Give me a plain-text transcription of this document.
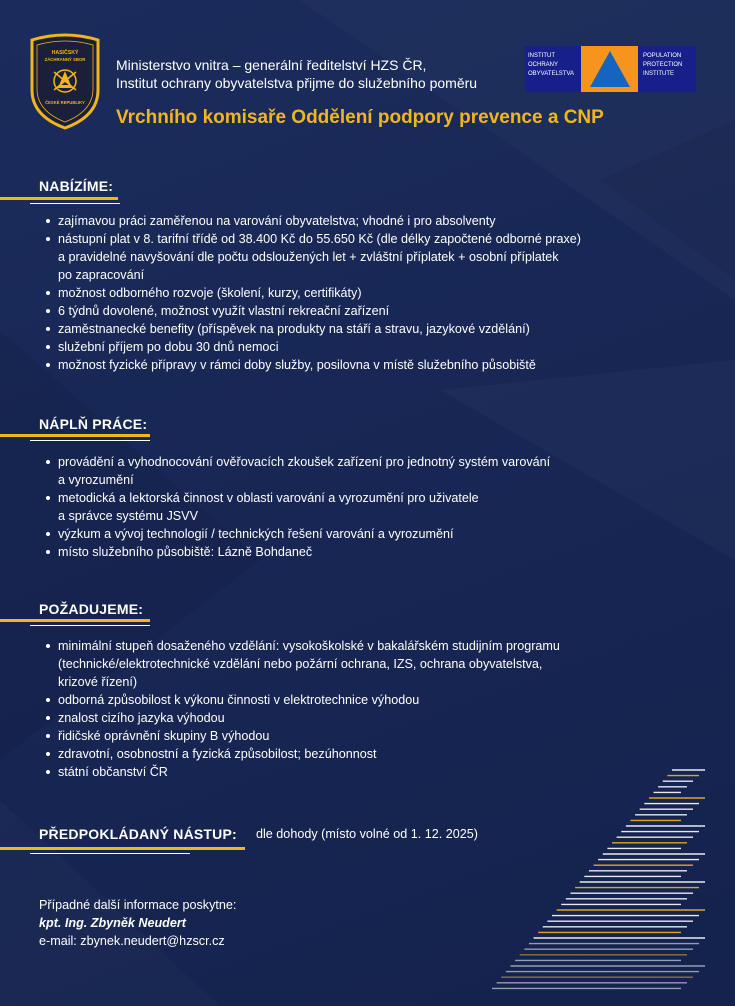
HASIČSKÝ
ZÁCHRANNÝ SBOR
ČESKÉ REPUBLIKY
Ministerstvo vnitra – generální ředitelství HZS ČR,
Institut ochrany obyvatelstva přijme do služebního poměru
INSTITUT
OCHRANY
OBYVATELSTVA
POPULATION
PROTECTION
INSTITUTE
Vrchního komisaře Oddělení podpory prevence a CNP
NABÍZÍME:
zajímavou práci zaměřenou na varování obyvatelstva; vhodné i pro absolventy
nástupní plat v 8. tarifní třídě od 38.400 Kč do 55.650 Kč (dle délky započtené odborné praxe)
a pravidelné navyšování dle počtu odsloužených let + zvláštní příplatek + osobní příplatek
po zapracování
možnost odborného rozvoje (školení, kurzy, certifikáty)
6 týdnů dovolené, možnost využít vlastní rekreační zařízení
zaměstnanecké benefity (příspěvek na produkty na stáří a stravu, jazykové vzdělání)
služební příjem po dobu 30 dnů nemoci
možnost fyzické přípravy v rámci doby služby, posilovna v místě služebního působiště
NÁPLŇ PRÁCE:
provádění a vyhodnocování ověřovacích zkoušek zařízení pro jednotný systém varování
a vyrozumění
metodická a lektorská činnost v oblasti varování a vyrozumění pro uživatele
a správce systému JSVV
výzkum a vývoj technologií / technických řešení varování a vyrozumění
místo služebního působiště: Lázně Bohdaneč
POŽADUJEME:
minimální stupeň dosaženého vzdělání: vysokoškolské v bakalářském studijním programu
(technické/elektrotechnické vzdělání nebo požární ochrana, IZS, ochrana obyvatelstva,
krizové řízení)
odborná způsobilost k výkonu činnosti v elektrotechnice výhodou
znalost cizího jazyka výhodou
řidičské oprávnění skupiny B výhodou
zdravotní, osobnostní a fyzická způsobilost; bezúhonnost
státní občanství ČR
PŘEDPOKLÁDANÝ NÁSTUP: dle dohody (místo volné od 1. 12. 2025)
Případné další informace poskytne:
kpt. Ing. Zbyněk Neudert
e-mail: zbynek.neudert@hzscr.cz
